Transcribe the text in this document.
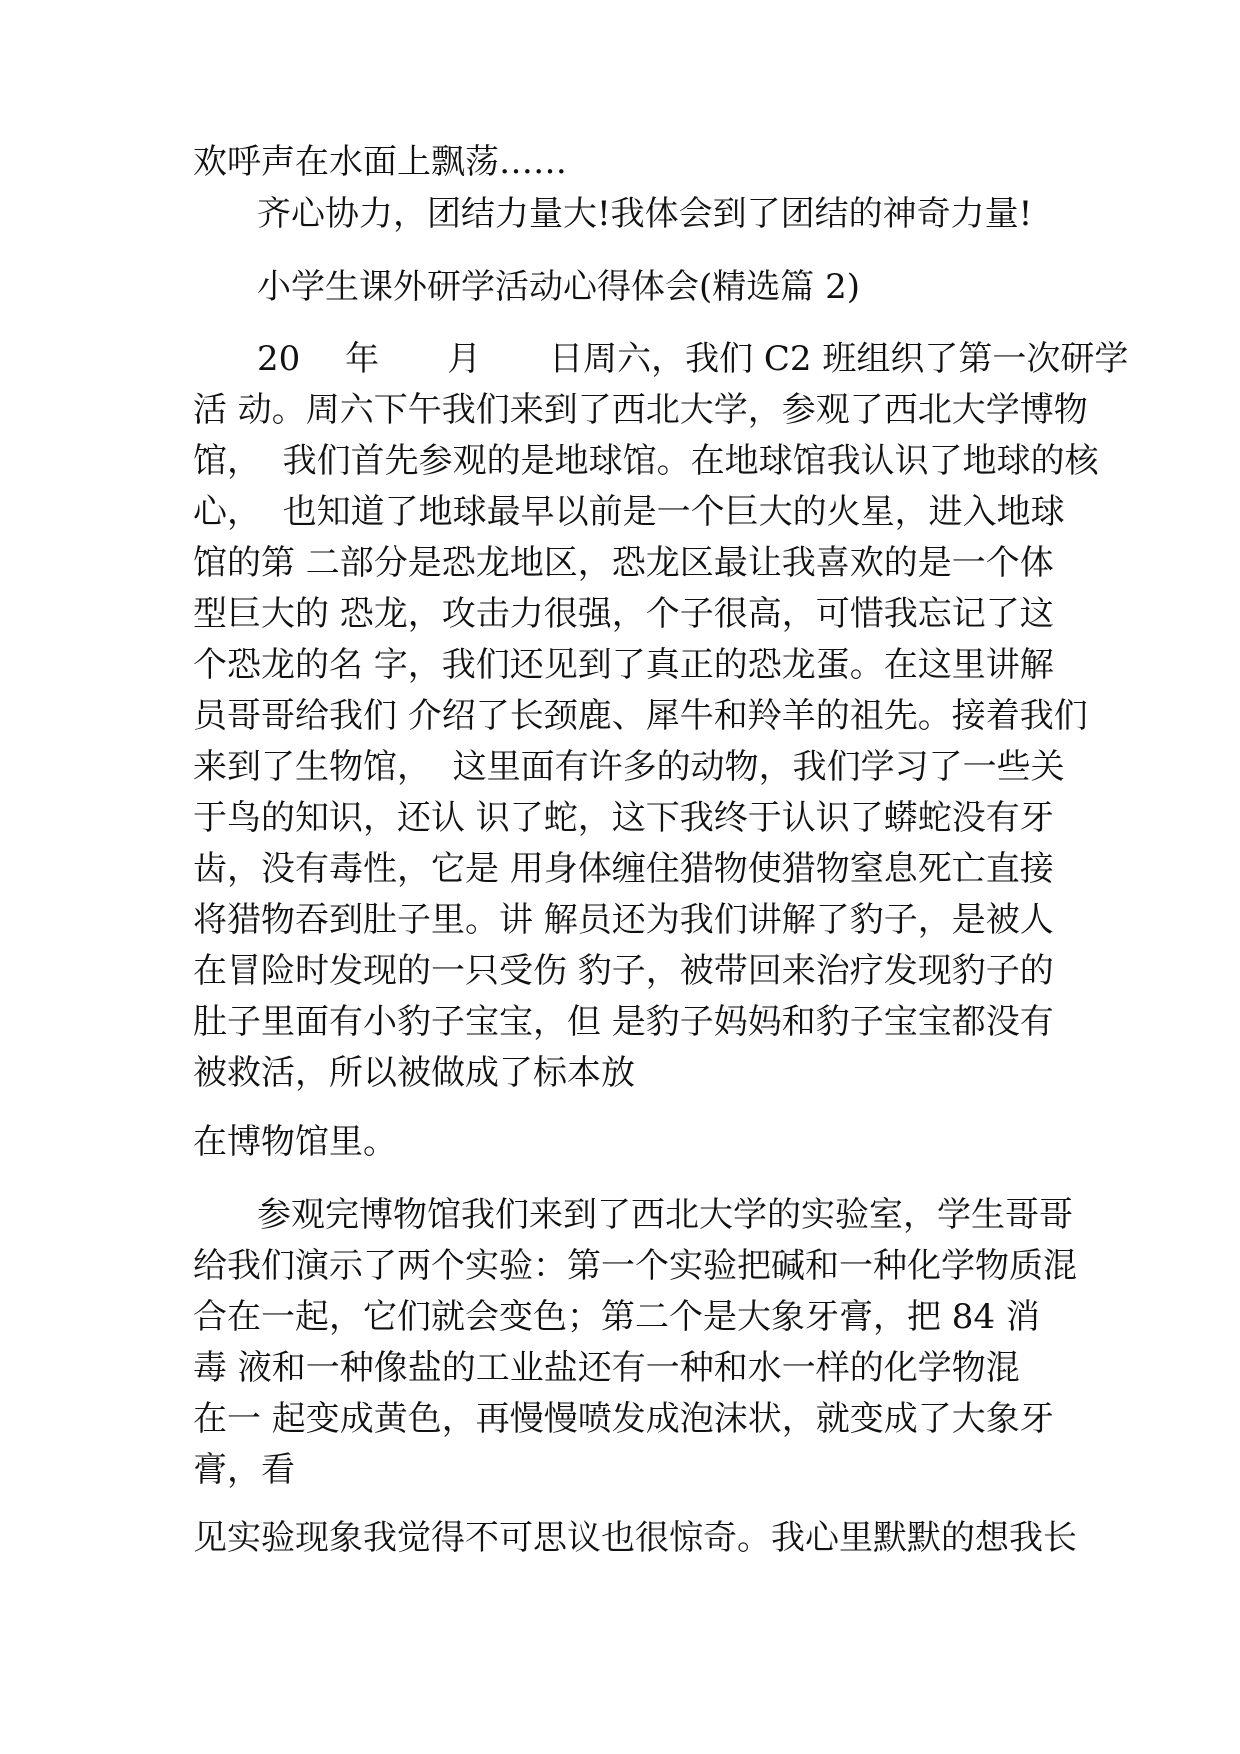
欢呼声在水面上飘荡……

齐心协力，团结力量大!我体会到了团结的神奇力量!

小学生课外研学活动心得体会(精选篇 2)

20　 年　　月　　日周六，我们 C2 班组织了第一次研学

活 动。周六下午我们来到了西北大学，参观了西北大学博物

馆，  我们首先参观的是地球馆。在地球馆我认识了地球的核

心，  也知道了地球最早以前是一个巨大的火星，进入地球

馆的第 二部分是恐龙地区，恐龙区最让我喜欢的是一个体

型巨大的 恐龙，攻击力很强，个子很高，可惜我忘记了这

个恐龙的名 字，我们还见到了真正的恐龙蛋。在这里讲解

员哥哥给我们 介绍了长颈鹿、犀牛和羚羊的祖先。接着我们

来到了生物馆，  这里面有许多的动物，我们学习了一些关

于鸟的知识，还认 识了蛇，这下我终于认识了蟒蛇没有牙

齿，没有毒性，它是 用身体缠住猎物使猎物窒息死亡直接

将猎物吞到肚子里。讲 解员还为我们讲解了豹子，是被人

在冒险时发现的一只受伤 豹子，被带回来治疗发现豹子的

肚子里面有小豹子宝宝，但 是豹子妈妈和豹子宝宝都没有

被救活，所以被做成了标本放

在博物馆里。

参观完博物馆我们来到了西北大学的实验室，学生哥哥

给我们演示了两个实验：第一个实验把碱和一种化学物质混

合在一起，它们就会变色；第二个是大象牙膏，把 84 消

毒 液和一种像盐的工业盐还有一种和水一样的化学物混

在一 起变成黄色，再慢慢喷发成泡沫状，就变成了大象牙

膏，看

见实验现象我觉得不可思议也很惊奇。我心里默默的想我长
